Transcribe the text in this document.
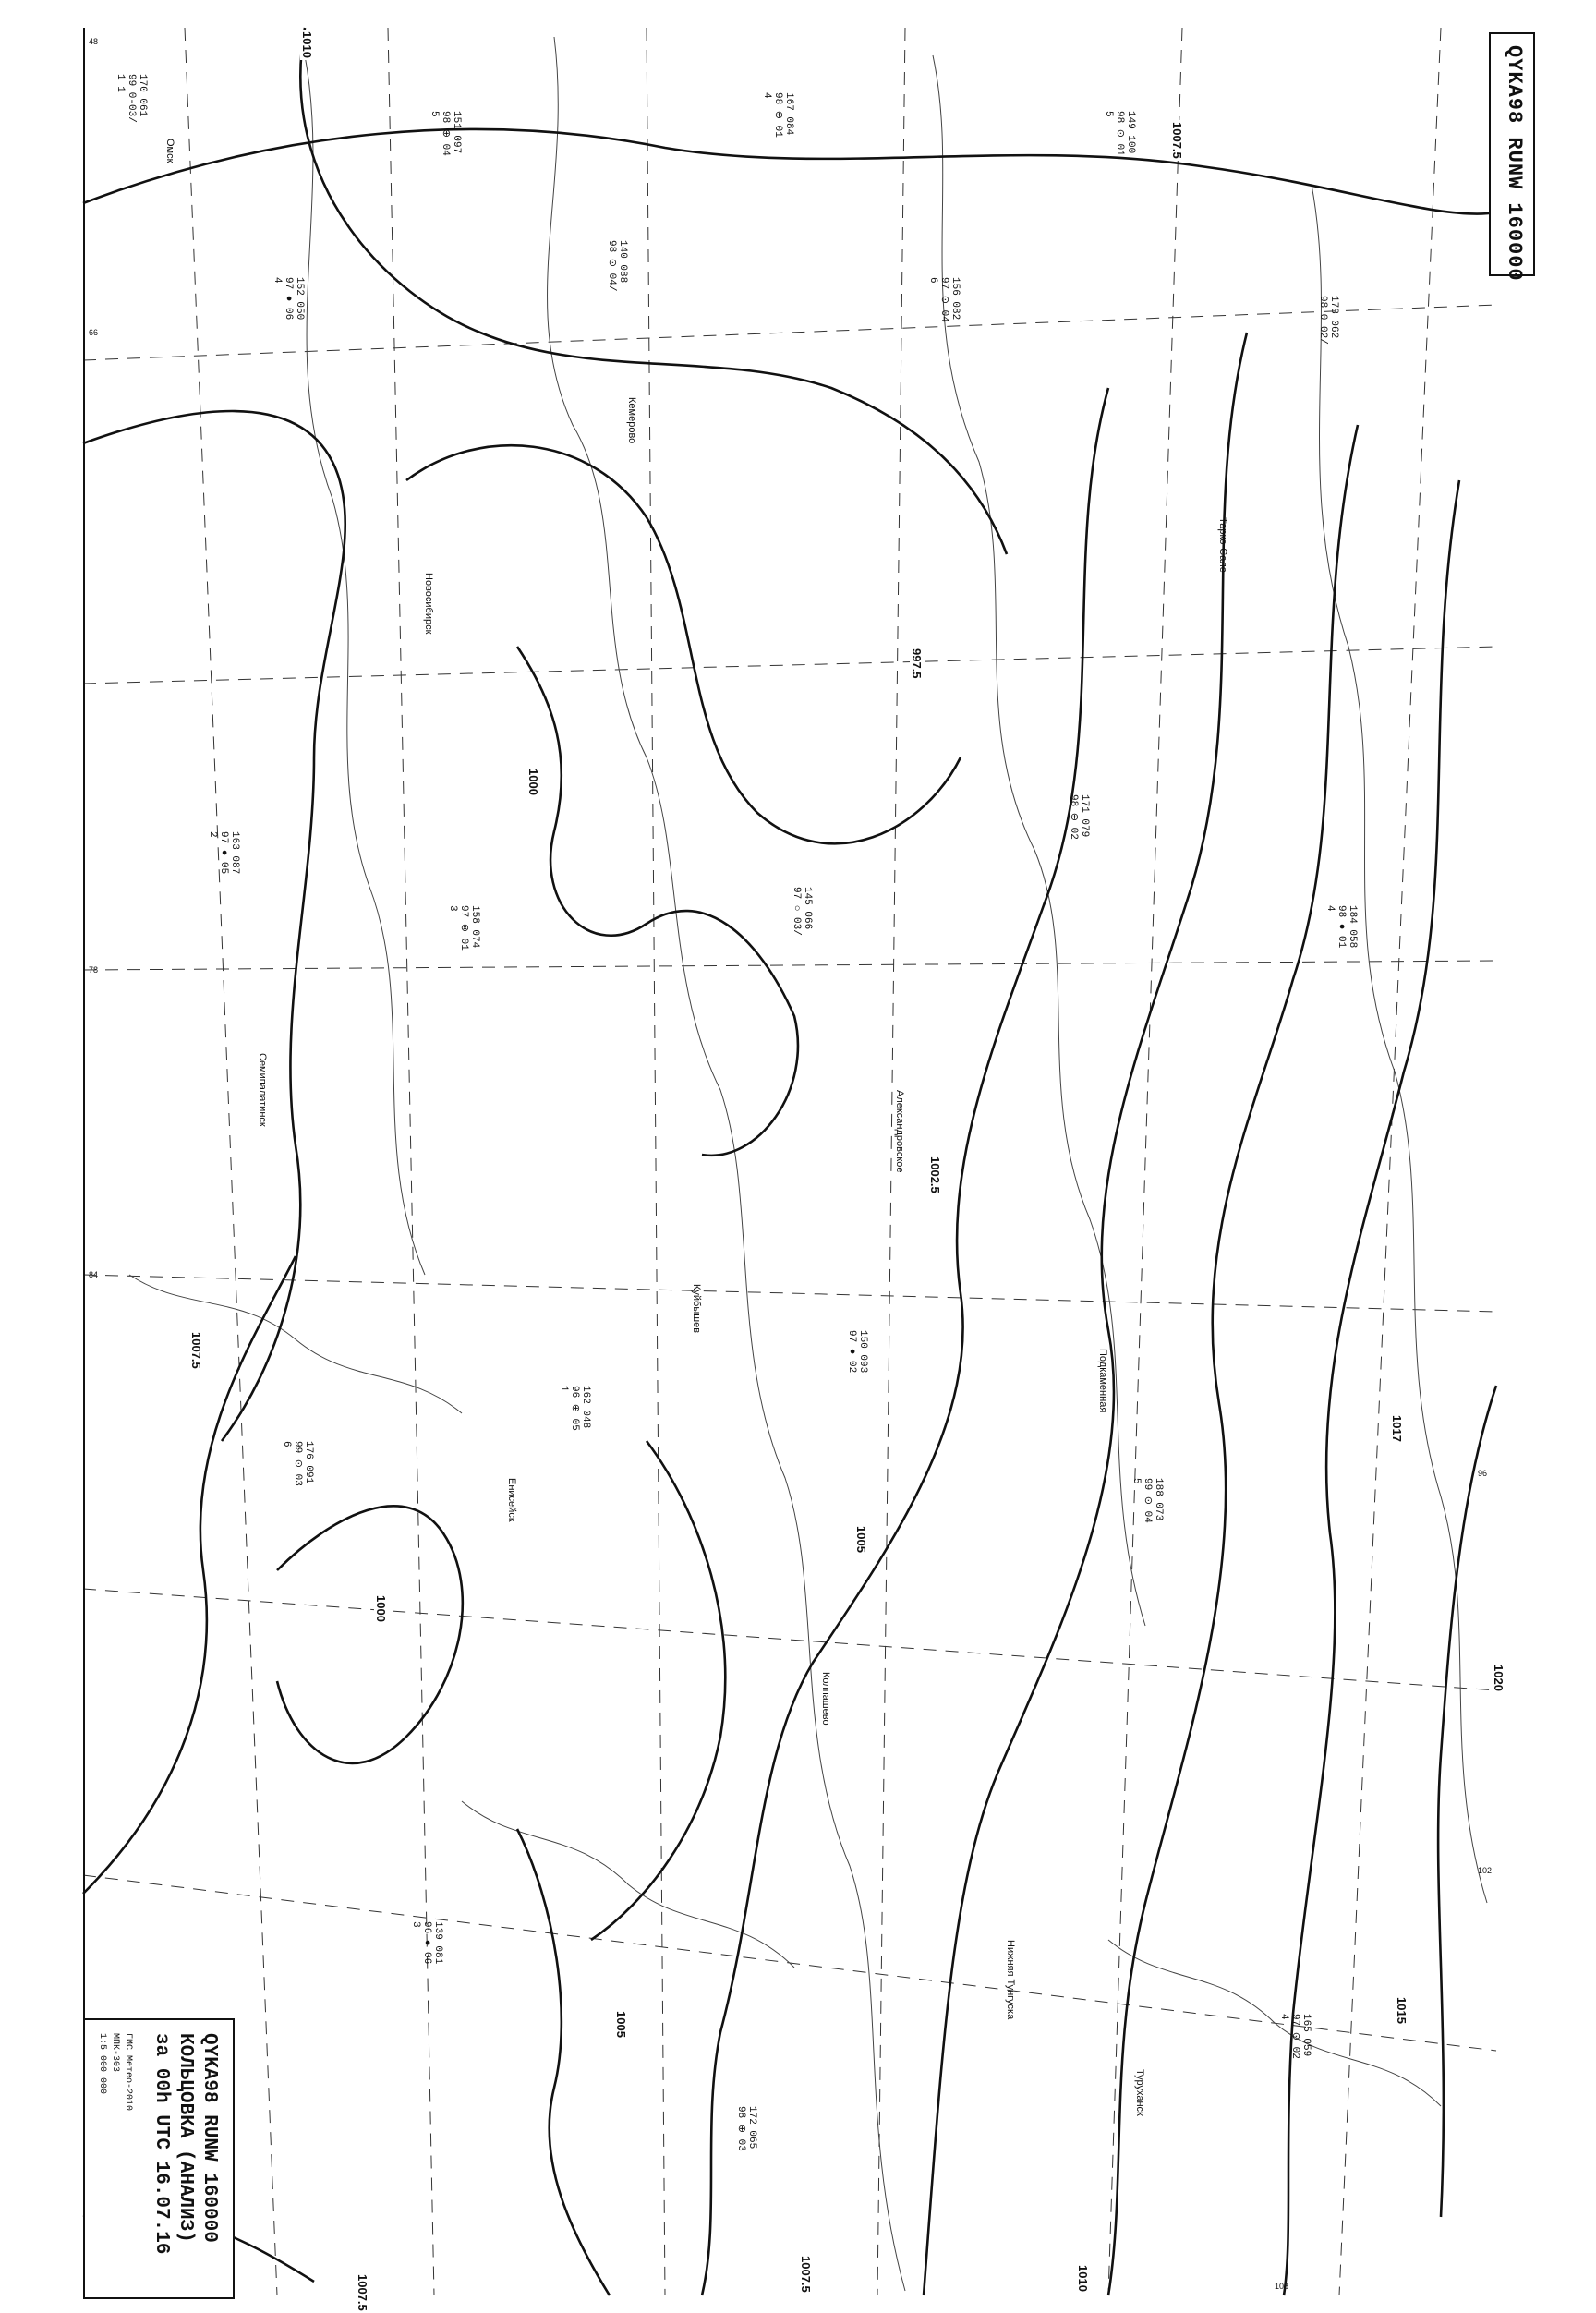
1010
1007.5
1000
997.5
1002.5
1007.5
1005
1000
1005
1017
1020
1015
1010
1007.5
1007.5
Омск
Новосибирск
Кемерово
Александровское
Подкаменная
Туруханск
Семипалатинск
Куйбышев
Енисейск
Колпашево
Нижняя Тунгуска
Тарко-Сале
48
66
78
84
96
102
108
170 061
99 0-03/
1 1
152 050
97 ● 06
4
151 097
98 ⊕ 04
5
140 088
98 ⊙ 04/
167 084
98 ⊕ 01
4
156 082
97 ⊙ 04
6
149 100
98 ⊙ 01
5
178 062
98 0 02/
163 087
97 ● 05
2
158 074
97 ⊗ 01
3
145 066
97 ○ 03/
171 079
98 ⊕ 02
184 058
98 ● 01
4
176 091
99 ⊙ 03
6
162 048
96 ⊕ 05
1
150 093
97 ● 02
188 073
99 ⊙ 04
5
139 081
96 ● 06
3
172 065
98 ⊕ 03
165 059
97 ⊙ 02
4
QYKA98 RUNW 160000
QYKA98 RUNW 160000
КОЛЬЦОВКА (АНАЛИЗ)
за 00h UTC 16.07.16
ГИС Метео-2010
МПК-303
1:5 000 000
